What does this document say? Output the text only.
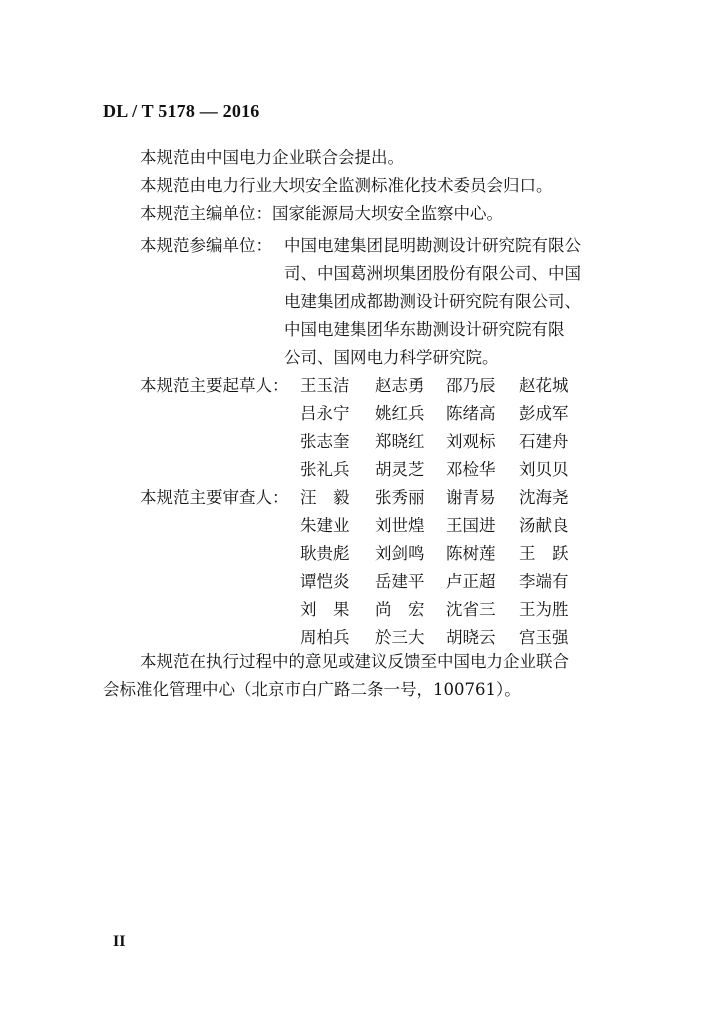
DL / T 5178 — 2016
本规范由中国电力企业联合会提出。
本规范由电力行业大坝安全监测标准化技术委员会归口。
本规范主编单位：国家能源局大坝安全监察中心。
本规范参编单位： 中国电建集团昆明勘测设计研究院有限公
司、中国葛洲坝集团股份有限公司、中国
电建集团成都勘测设计研究院有限公司、
中国电建集团华东勘测设计研究院有限
公司、国网电力科学研究院。
本规范主要起草人： 王玉洁 赵志勇 邵乃辰 赵花城
吕永宁 姚红兵 陈绪高 彭成军
张志奎 郑晓红 刘观标 石建舟
张礼兵 胡灵芝 邓检华 刘贝贝
本规范主要审查人： 汪　毅 张秀丽 谢青易 沈海尧
朱建业 刘世煌 王国进 汤献良
耿贵彪 刘剑鸣 陈树莲 王　跃
谭恺炎 岳建平 卢正超 李端有
刘　果 尚　宏 沈省三 王为胜
周柏兵 於三大 胡晓云 宫玉强
本规范在执行过程中的意见或建议反馈至中国电力企业联合
会标准化管理中心（北京市白广路二条一号，100761）。
II
